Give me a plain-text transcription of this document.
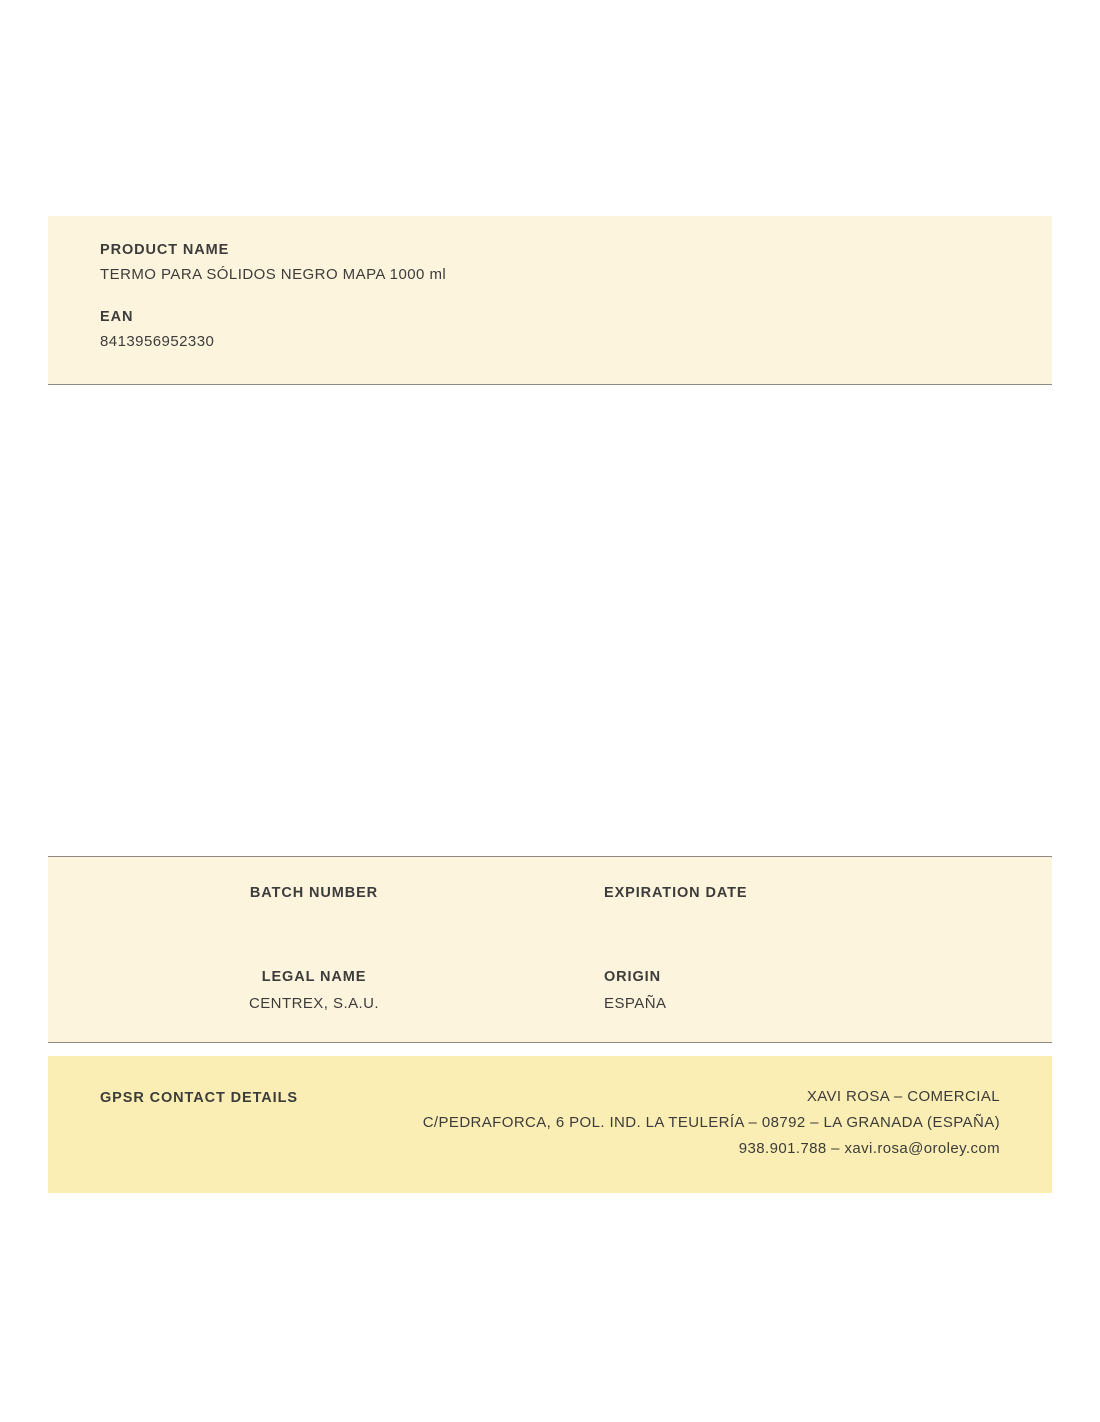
PRODUCT NAME

TERMO PARA SÓLIDOS NEGRO MAPA 1000 ml

EAN

8413956952330

BATCH NUMBER	EXPIRATION DATE

LEGAL NAME

CENTREX, S.A.U.

ORIGIN

ESPAÑA

GPSR CONTACT DETAILS	XAVI ROSA – COMERCIAL

C/PEDRAFORCA, 6 POL. IND. LA TEULERÍA – 08792 – LA GRANADA (ESPAÑA)

938.901.788 – xavi.rosa@oroley.com
